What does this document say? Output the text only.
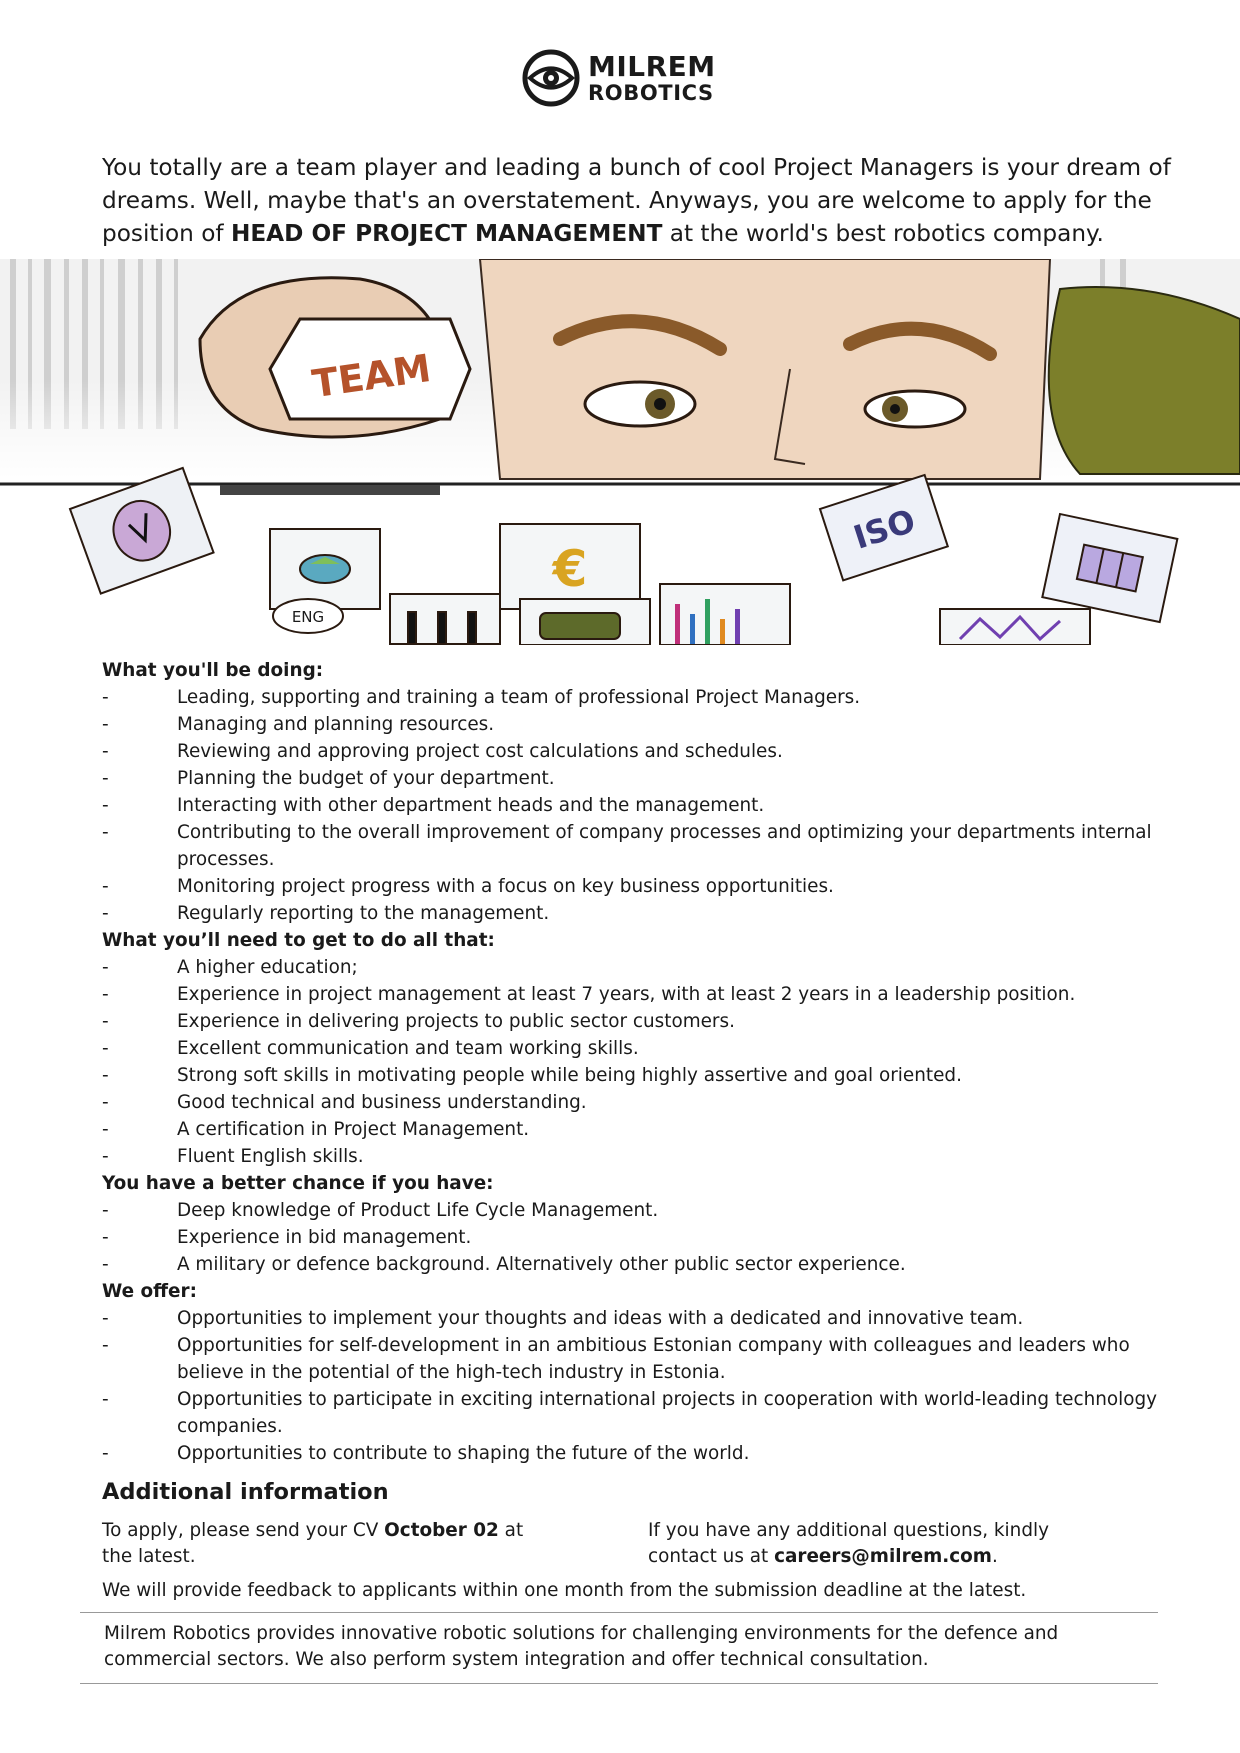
MILREM
ROBOTICS

You totally are a team player and leading a bunch of cool Project Managers is your dream of dreams. Well, maybe that's an overstatement. Anyways, you are welcome to apply for the position of HEAD OF PROJECT MANAGEMENT at the world's best robotics company.

TEAM
€
ISO
ENG

What you'll be doing:

-	Leading, supporting and training a team of professional Project Managers.
-	Managing and planning resources.
-	Reviewing and approving project cost calculations and schedules.
-	Planning the budget of your department.
-	Interacting with other department heads and the management.
-	Contributing to the overall improvement of company processes and optimizing your departments internal processes.
-	Monitoring project progress with a focus on key business opportunities.
-	Regularly reporting to the management.

What you’ll need to get to do all that:

-	A higher education;
-	Experience in project management at least 7 years, with at least 2 years in a leadership position.
-	Experience in delivering projects to public sector customers.
-	Excellent communication and team working skills.
-	Strong soft skills in motivating people while being highly assertive and goal oriented.
-	Good technical and business understanding.
-	A certification in Project Management.
-	Fluent English skills.

You have a better chance if you have:

-	Deep knowledge of Product Life Cycle Management.
-	Experience in bid management.
-	A military or defence background. Alternatively other public sector experience.

We offer:

-	Opportunities to implement your thoughts and ideas with a dedicated and innovative team.
-	Opportunities for self-development in an ambitious Estonian company with colleagues and leaders who believe in the potential of the high-tech industry in Estonia.
-	Opportunities to participate in exciting international projects in cooperation with world-leading technology companies.
-	Opportunities to contribute to shaping the future of the world.
Additional information

To apply, please send your CV October 02 at the latest.

If you have any additional questions, kindly contact us at careers@milrem.com.

We will provide feedback to applicants within one month from the submission deadline at the latest.

Milrem Robotics provides innovative robotic solutions for challenging environments for the defence and commercial sectors. We also perform system integration and offer technical consultation.
